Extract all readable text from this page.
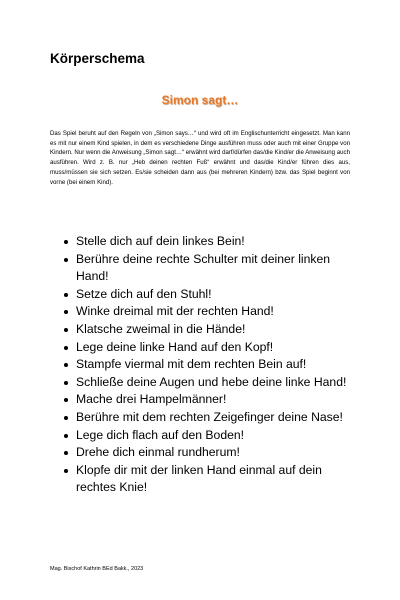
Körperschema
Simon sagt…

Das Spiel beruht auf den Regeln von „Simon says…“ und wird oft im Englischunterricht eingesetzt. Man kann es mit nur einem Kind spielen, in dem es verschiedene Dinge ausführen muss oder auch mit einer Gruppe von Kindern. Nur wenn die Anweisung „Simon sagt…“ erwähnt wird darf/dürfen das/die Kind/er die Anweisung auch ausführen. Wird z. B. nur „Heb deinen rechten Fuß“ erwähnt und das/die Kind/er führen dies aus, muss/müssen sie sich setzen. Es/sie scheiden dann aus (bei mehreren Kindern) bzw. das Spiel beginnt von vorne (bei einem Kind).

Stelle dich auf dein linkes Bein!
Berühre deine rechte Schulter mit deiner linken Hand!
Setze dich auf den Stuhl!
Winke dreimal mit der rechten Hand!
Klatsche zweimal in die Hände!
Lege deine linke Hand auf den Kopf!
Stampfe viermal mit dem rechten Bein auf!
Schließe deine Augen und hebe deine linke Hand!
Mache drei Hampelmänner!
Berühre mit dem rechten Zeigefinger deine Nase!
Lege dich flach auf den Boden!
Drehe dich einmal rundherum!
Klopfe dir mit der linken Hand einmal auf dein rechtes Knie!

Mag. Bischof Kathrin BEd Bakk., 2023
